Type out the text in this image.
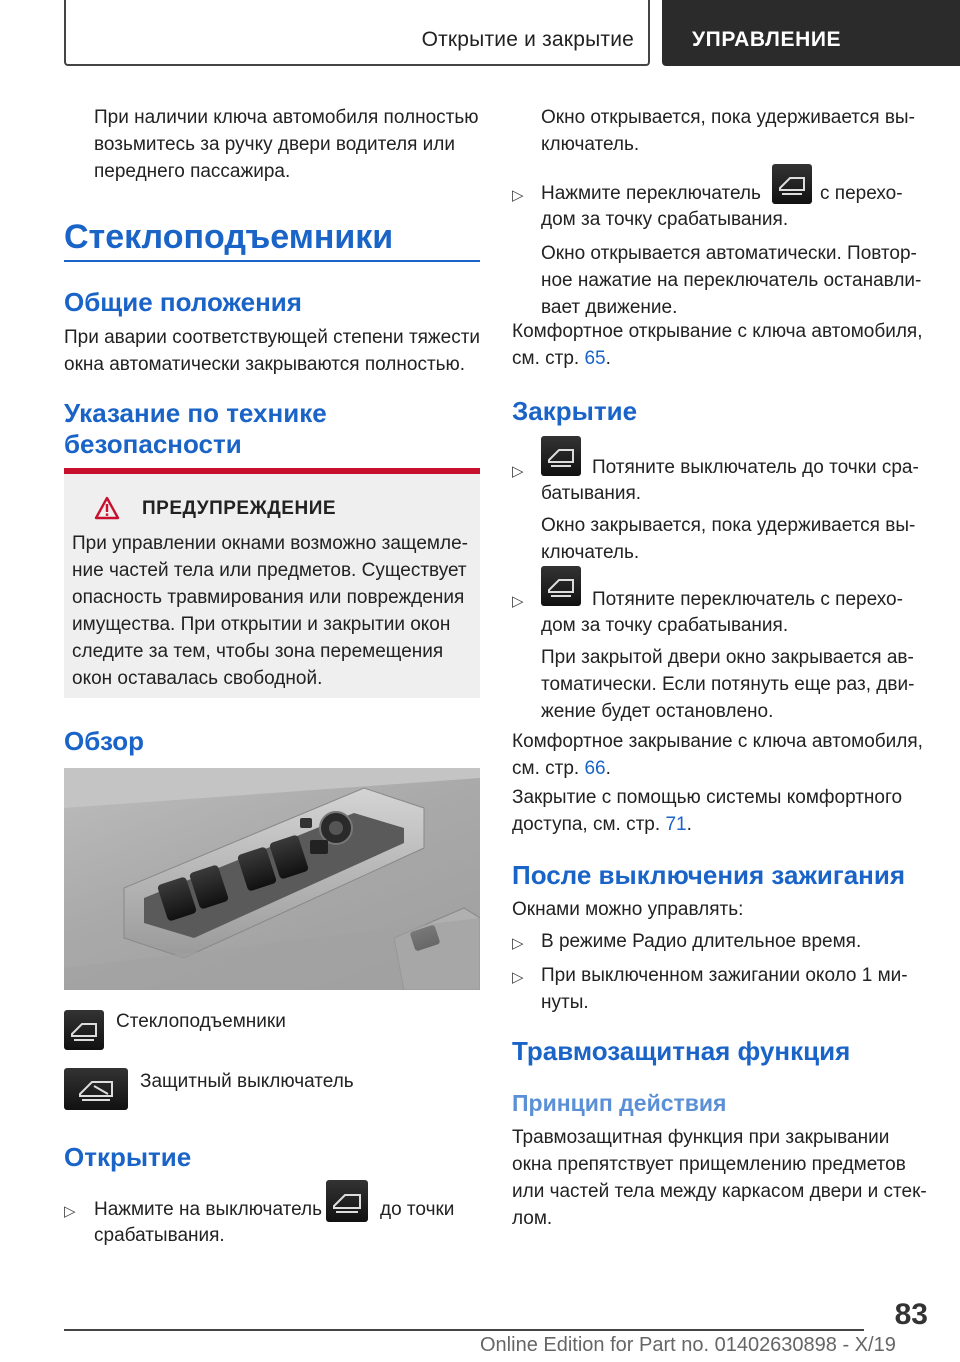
Открытие и закрытие	УПРАВЛЕНИЕ
При наличии ключа автомобиля полностью
возьмитесь за ручку двери водителя или
переднего пассажира.
Стеклоподъемники
Общие положения
При аварии соответствующей степени тяжести
окна автоматически закрываются полностью.
Указание по технике
безопасности
ПРЕДУПРЕЖДЕНИЕ
При управлении окнами возможно защемле-
ние частей тела или предметов. Существует
опасность травмирования или повреждения
имущества. При открытии и закрытии окон
следите за тем, чтобы зона перемещения
окон оставалась свободной.
Обзор
Стеклоподъемники
Защитный выключатель
Открытие
▷ Нажмите на выключатель	до точки
срабатывания.
Окно открывается, пока удерживается вы-
ключатель.
▷ Нажмите переключатель	с перехо-
дом за точку срабатывания.
Окно открывается автоматически. Повтор-
ное нажатие на переключатель останавли-
вает движение.
Комфортное открывание с ключа автомобиля,
см. стр. 65.
Закрытие
▷	Потяните выключатель до точки сра-
батывания.
Окно закрывается, пока удерживается вы-
ключатель.
▷	Потяните переключатель с перехо-
дом за точку срабатывания.
При закрытой двери окно закрывается ав-
томатически. Если потянуть еще раз, дви-
жение будет остановлено.
Комфортное закрывание с ключа автомобиля,
см. стр. 66.
Закрытие с помощью системы комфортного
доступа, см. стр. 71.
После выключения зажигания
Окнами можно управлять:
▷ В режиме Радио длительное время.
▷ При выключенном зажигании около 1 ми-
нуты.
Травмозащитная функция
Принцип действия
Травмозащитная функция при закрывании
окна препятствует прищемлению предметов
или частей тела между каркасом двери и стек-
лом.
83
Online Edition for Part no. 01402630898 - X/19
